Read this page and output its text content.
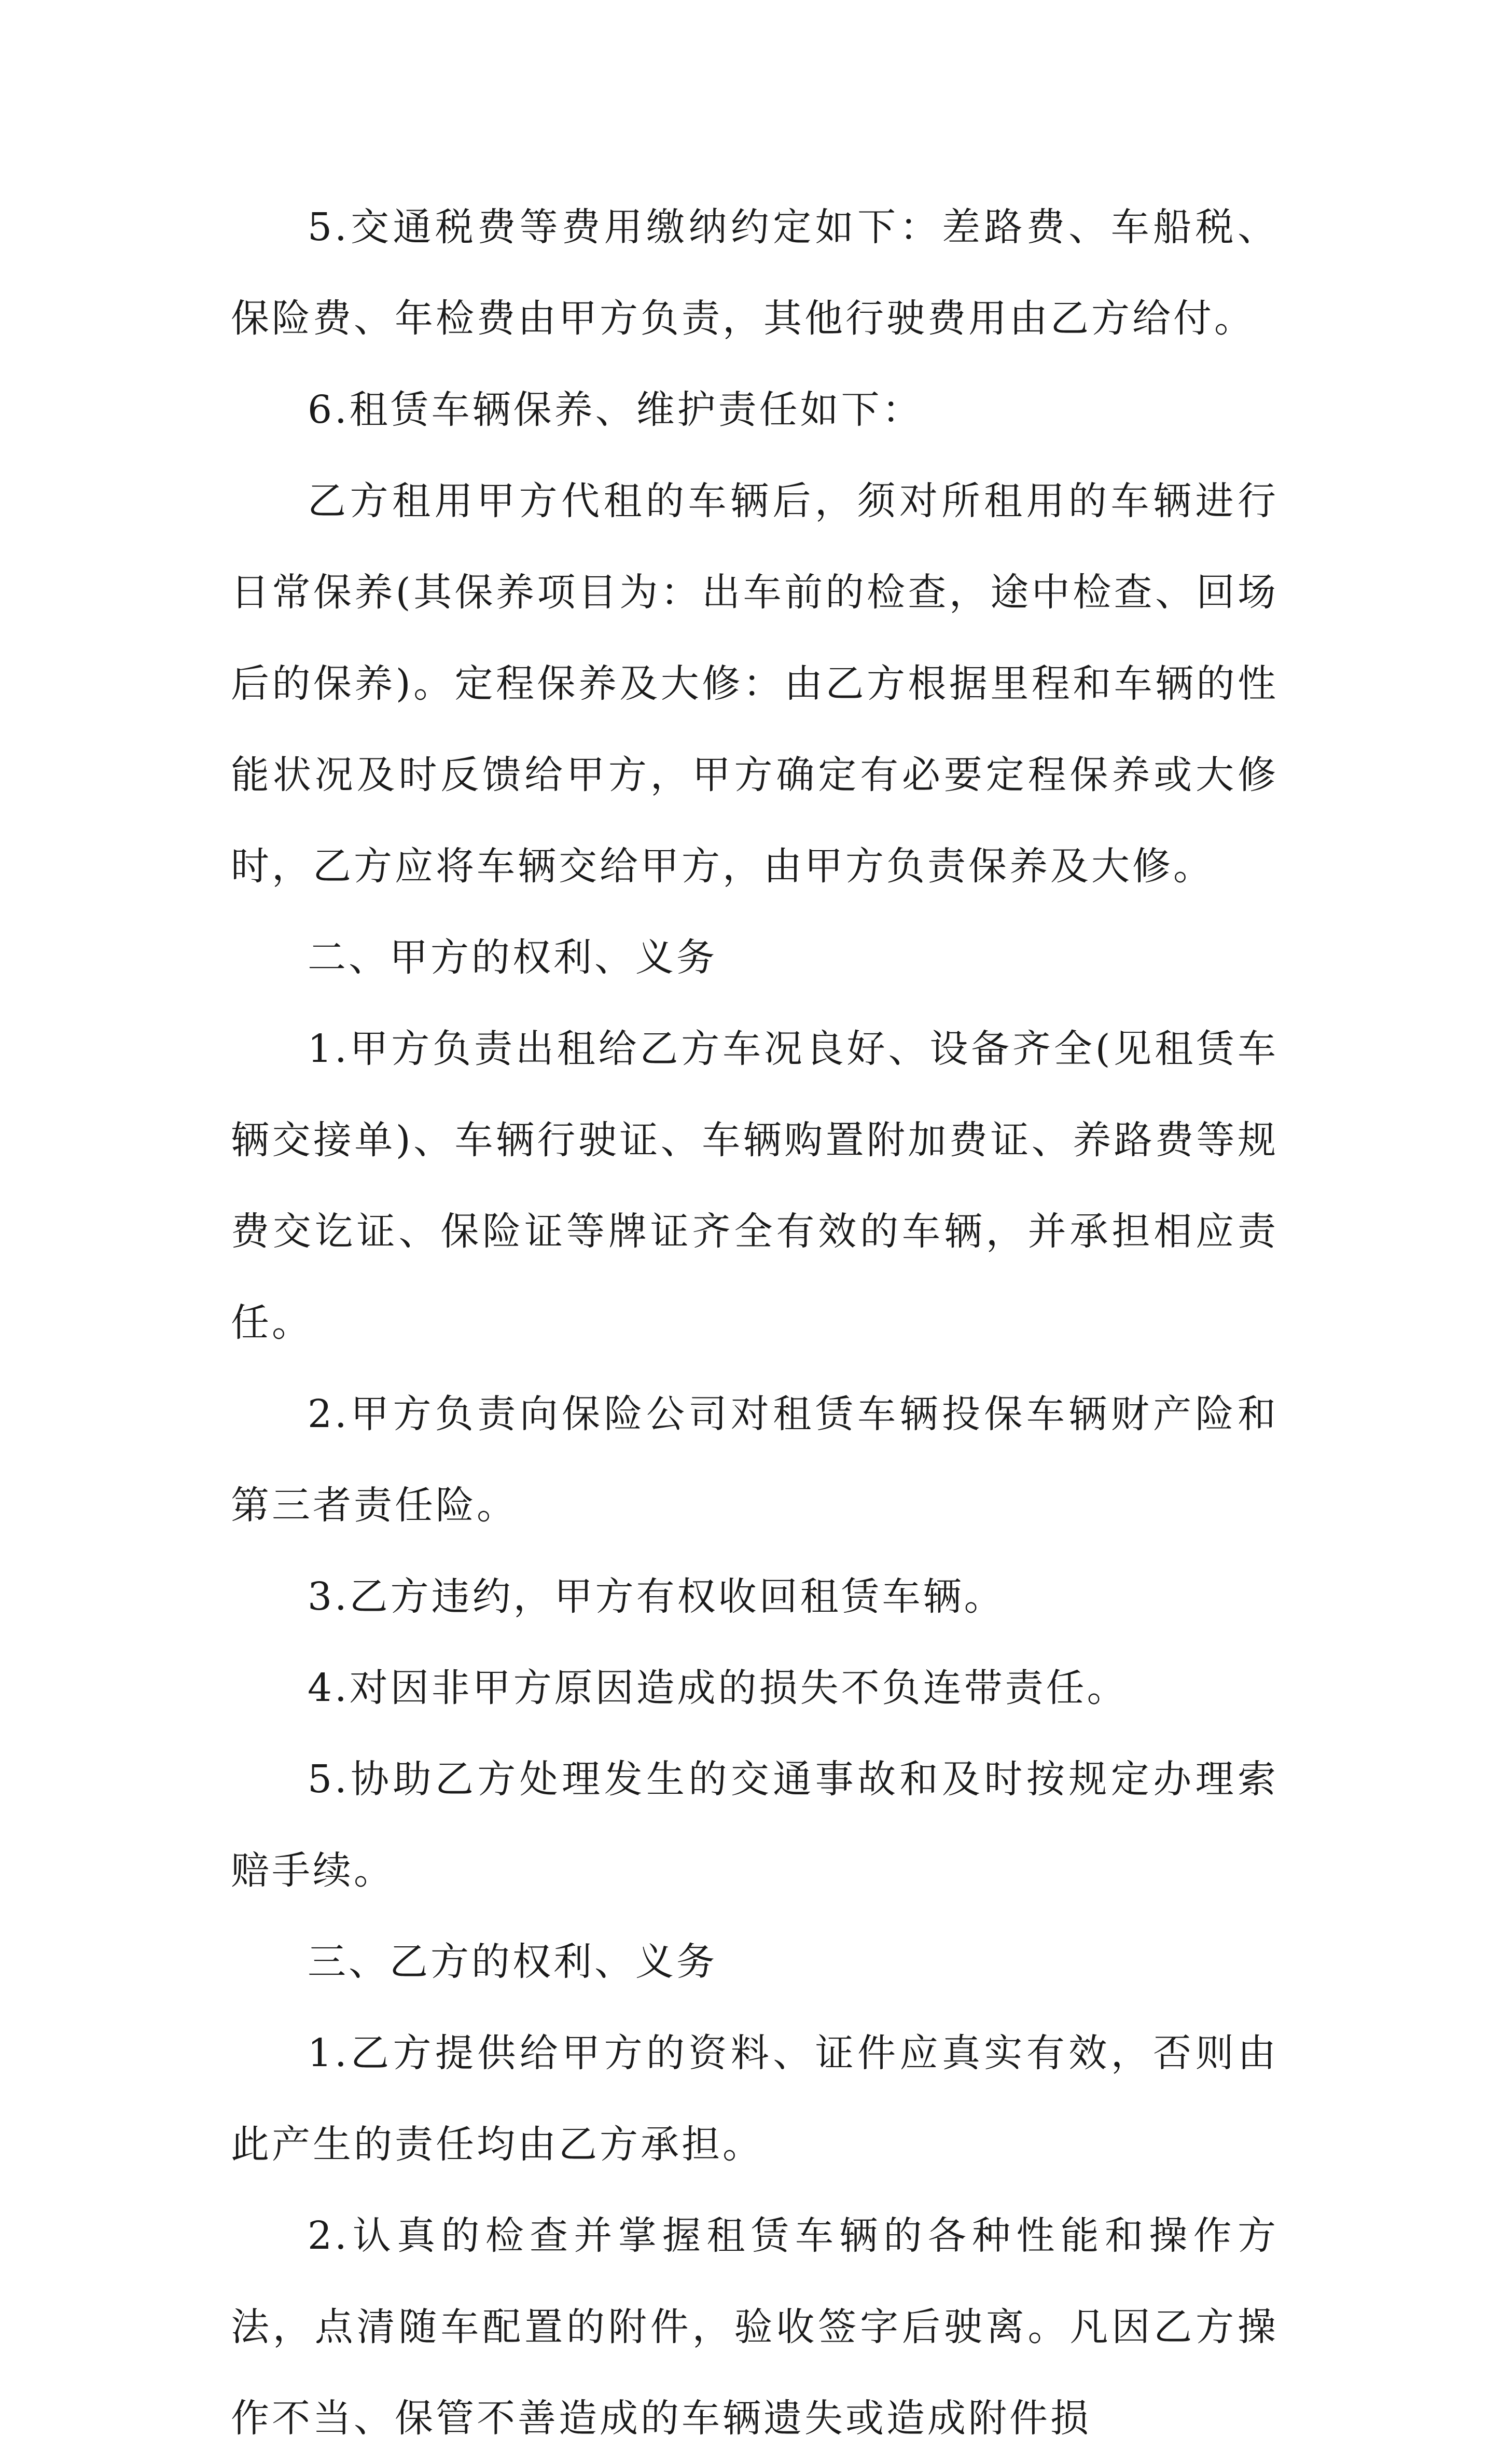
5.交通税费等费用缴纳约定如下：差路费、车船税、保险费、年检费由甲方负责，其他行驶费用由乙方给付。

6.租赁车辆保养、维护责任如下：

乙方租用甲方代租的车辆后，须对所租用的车辆进行日常保养(其保养项目为：出车前的检查，途中检查、回场后的保养)。定程保养及大修：由乙方根据里程和车辆的性能状况及时反馈给甲方，甲方确定有必要定程保养或大修时，乙方应将车辆交给甲方，由甲方负责保养及大修。

二、甲方的权利、义务

1.甲方负责出租给乙方车况良好、设备齐全(见租赁车辆交接单)、车辆行驶证、车辆购置附加费证、养路费等规费交讫证、保险证等牌证齐全有效的车辆，并承担相应责任。

2.甲方负责向保险公司对租赁车辆投保车辆财产险和第三者责任险。

3.乙方违约，甲方有权收回租赁车辆。

4.对因非甲方原因造成的损失不负连带责任。

5.协助乙方处理发生的交通事故和及时按规定办理索赔手续。

三、乙方的权利、义务

1.乙方提供给甲方的资料、证件应真实有效，否则由此产生的责任均由乙方承担。

2.认真的检查并掌握租赁车辆的各种性能和操作方法，点清随车配置的附件，验收签字后驶离。凡因乙方操作不当、保管不善造成的车辆遗失或造成附件损
